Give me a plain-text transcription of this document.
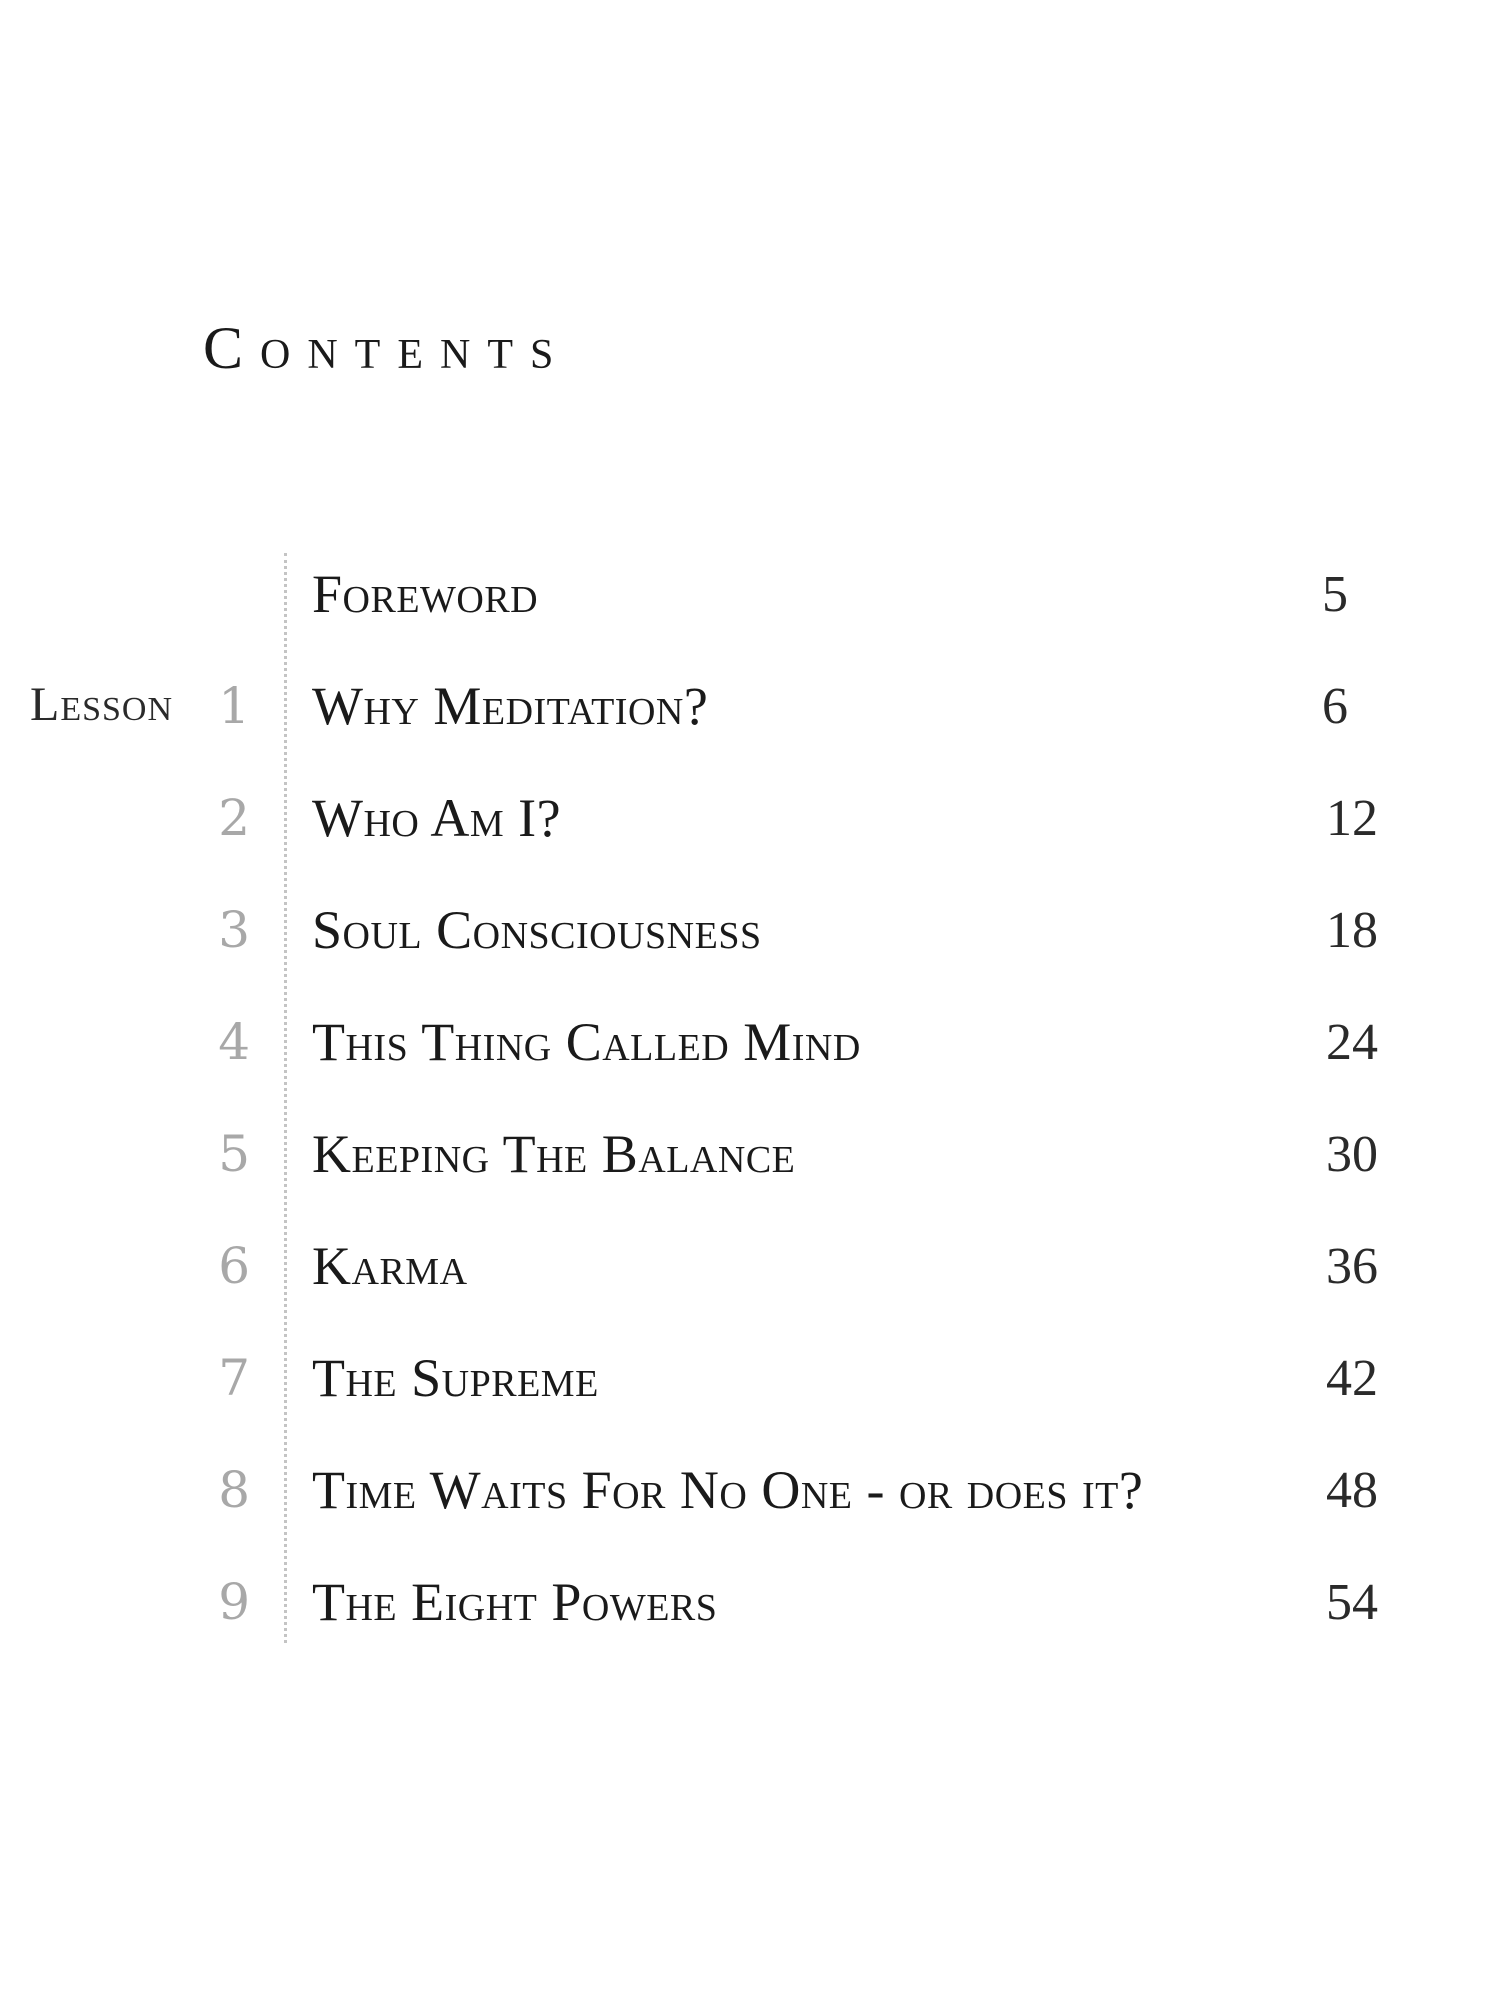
Contents
Foreword	5
Lesson 1 Why Meditation?	6
2 Who Am I?	12
3 Soul Consciousness	18
4 This Thing Called Mind	24
5 Keeping The Balance	30
6 Karma	36
7 The Supreme	42
8 Time Waits For No One - or does it?	48
9 The Eight Powers	54
